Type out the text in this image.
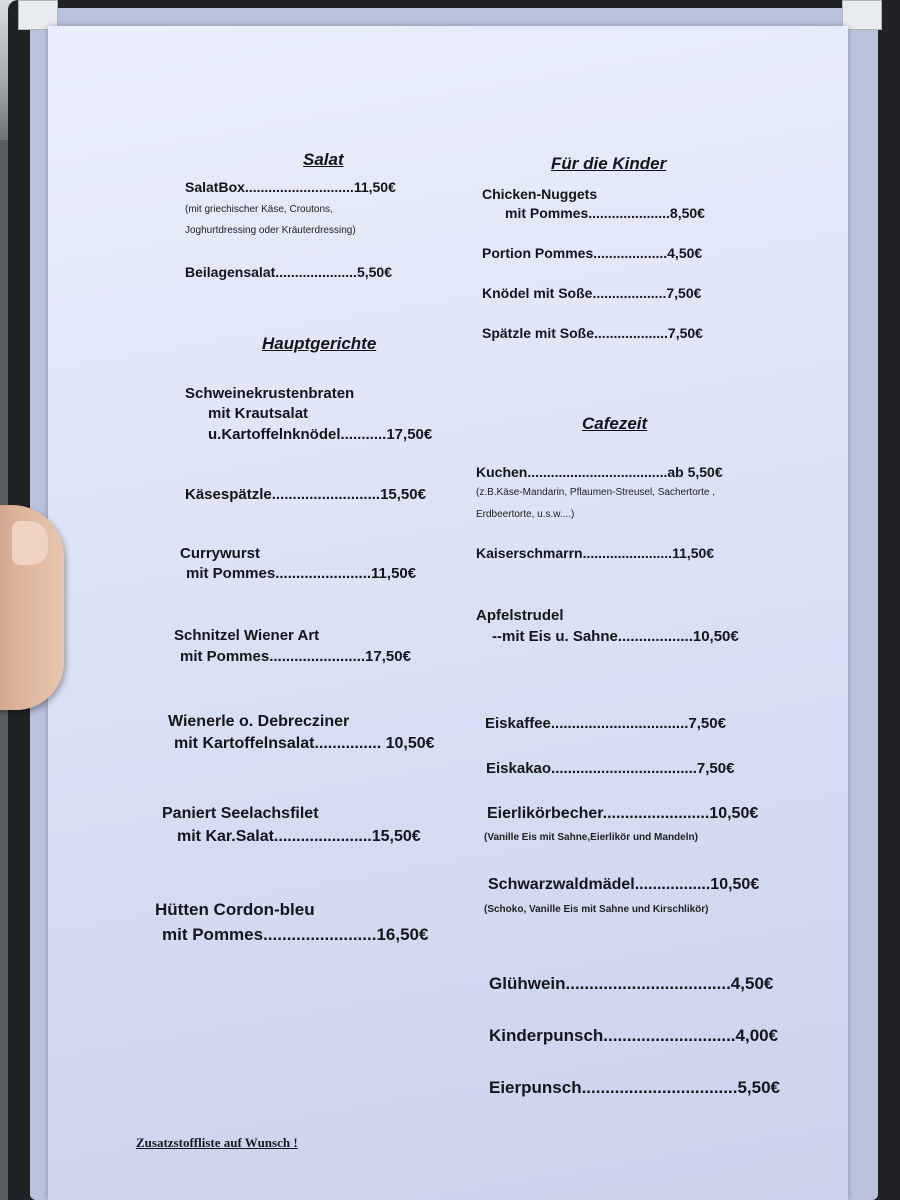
Salat
SalatBox............................11,50€
(mit griechischer Käse, Croutons,
Joghurtdressing oder Kräuterdressing)
Beilagensalat.....................5,50€
Hauptgerichte
Schweinekrustenbraten
mit Krautsalat
u.Kartoffelnknödel...........17,50€
Käsespätzle..........................15,50€
Currywurst
mit Pommes.......................11,50€
Schnitzel Wiener Art
mit Pommes.......................17,50€
Wienerle o. Debrecziner
mit Kartoffelnsalat............... 10,50€
Paniert Seelachsfilet
mit Kar.Salat......................15,50€
Hütten Cordon-bleu
mit Pommes........................16,50€
Für die Kinder
Chicken-Nuggets
mit Pommes.....................8,50€
Portion Pommes...................4,50€
Knödel mit Soße...................7,50€
Spätzle mit Soße...................7,50€
Cafezeit
Kuchen....................................ab 5,50€
(z.B.Käse-Mandarin, Pflaumen-Streusel, Sachertorte ,
Erdbeertorte, u.s.w....)
Kaiserschmarrn.......................11,50€
Apfelstrudel
--mit Eis u. Sahne..................10,50€
Eiskaffee.................................7,50€
Eiskakao...................................7,50€
Eierlikörbecher........................10,50€
(Vanille Eis mit Sahne,Eierlikör und Mandeln)
Schwarzwaldmädel.................10,50€
(Schoko, Vanille Eis mit Sahne und Kirschlikör)
Glühwein...................................4,50€
Kinderpunsch............................4,00€
Eierpunsch.................................5,50€
Zusatzstoffliste auf Wunsch !
